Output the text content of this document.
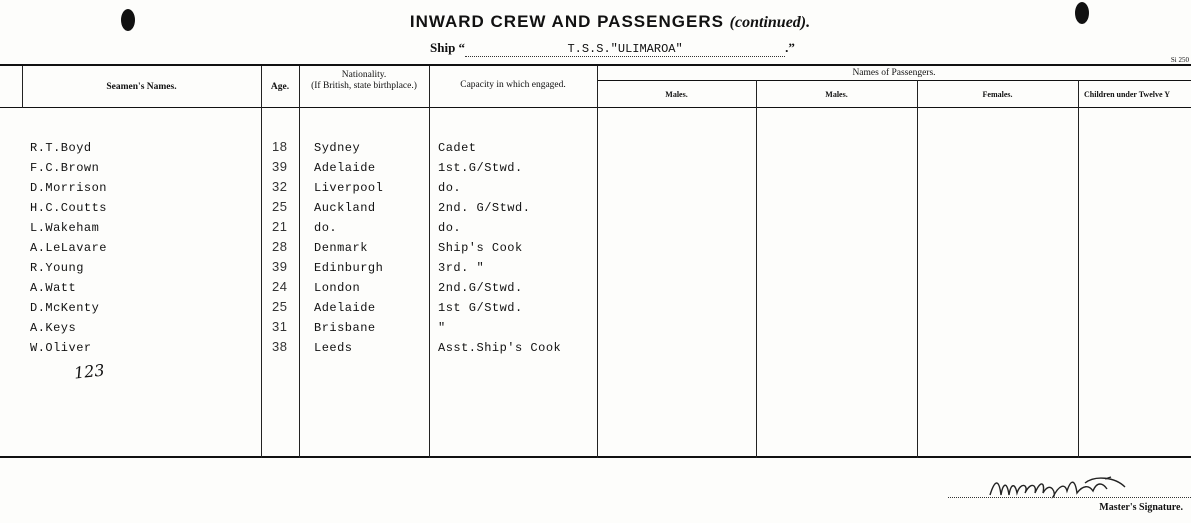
INWARD CREW AND PASSENGERS (continued).
Ship “	T.S.S."ULIMAROA"	.”
Si 250
Seamen's Names.	Age.
Nationality.
(If British, state birthplace.)	Capacity in which engaged.
Names of Passengers.
Males.	Males.	Females.	Children under Twelve Y
R.T.Boyd	18 Sydney	Cadet
F.C.Brown	39 Adelaide	1st.G/Stwd.
D.Morrison	32 Liverpool	do.
H.C.Coutts	25 Auckland	2nd. G/Stwd.
L.Wakeham	21 do.	do.
A.LeLavare	28 Denmark	Ship's Cook
R.Young	39 Edinburgh	3rd. "
A.Watt	24 London	2nd.G/Stwd.
D.McKenty	25 Adelaide	1st G/Stwd.
A.Keys	31 Brisbane	"
W.Oliver	38 Leeds	Asst.Ship's Cook
123
Master's Signature.
